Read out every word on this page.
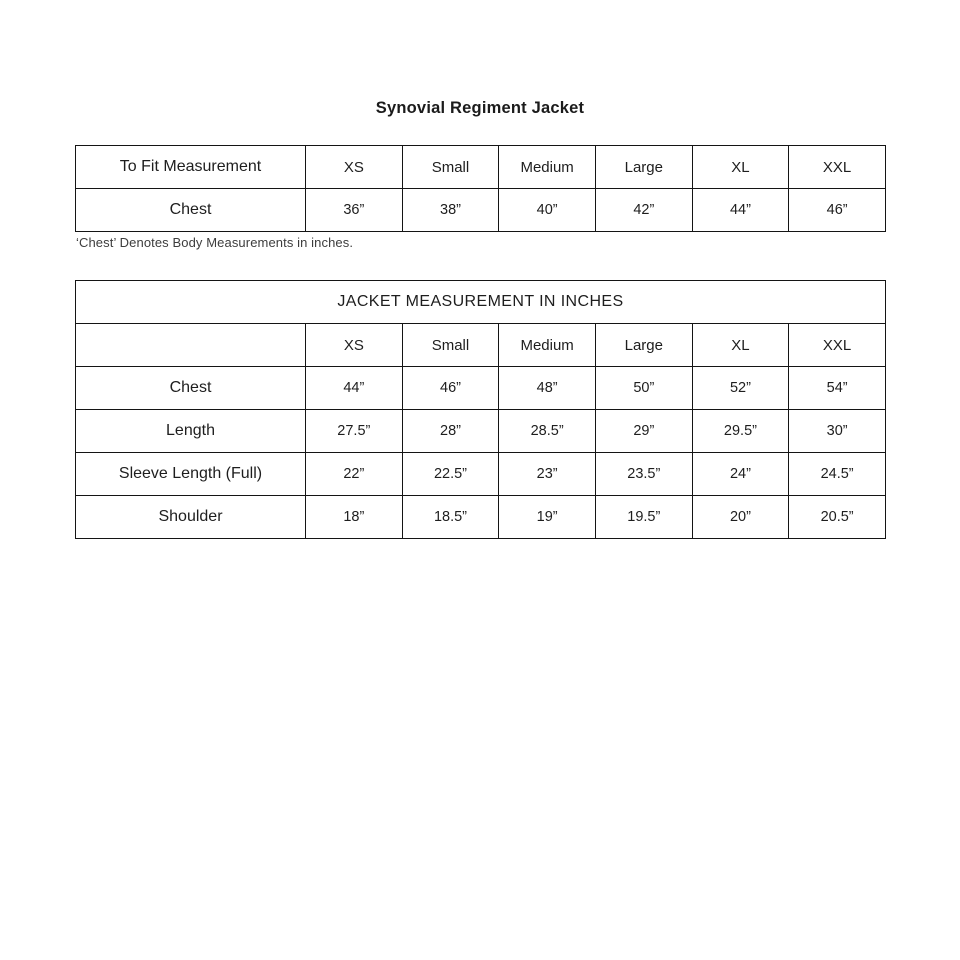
Synovial Regiment Jacket
To Fit Measurement	XS	Small	Medium	Large	XL	XXL
Chest	36”	38”	40”	42”	44”	46”
‘Chest’ Denotes Body Measurements in inches.
JACKET MEASUREMENT IN INCHES						
	XS	Small	Medium	Large	XL	XXL
Chest	44”	46”	48”	50”	52”	54”
Length	27.5”	28”	28.5”	29”	29.5”	30”
Sleeve Length (Full)	22”	22.5”	23”	23.5”	24”	24.5”
Shoulder	18”	18.5”	19”	19.5”	20”	20.5”
